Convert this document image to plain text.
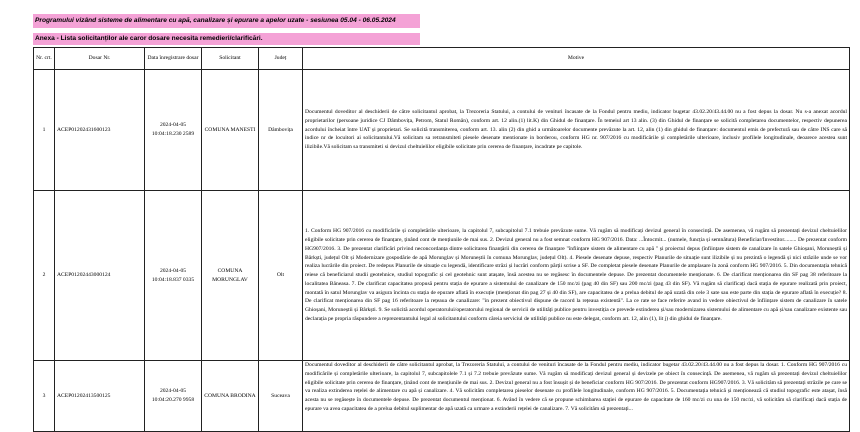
Programului vizând sisteme de alimentare cu apă, canalizare și epurare a apelor uzate - sesiunea 05.04 - 06.05.2024
Anexa - Lista solicitanților ale caror dosare necesita remedieri/clarificări.
Nr. crt.	Dosar Nr.	Data înregistrare dosar	Solicitant	Județ	Motive
1	ACEP01202431600123	2024-04-05 10:04:18.230 2589	COMUNA MANESTI	Dâmbovița	Documentul doveditor al deschiderii de către solicitantul aprobat, la Trezoreria Statului, a contului de venituri încasate de la Fondul pentru mediu, indicator bugetar 43.02.20/43.44.00 nu a fost depus la dosar. Nu s-a anexat acordul proprietarilor (persoane juridice CJ Dâmbovița, Petrom, Statul Român), conform art. 12 alin.(1) lit.K) din Ghidul de finanțare. În temeiul art 13 alin. (3) din Ghidul de finanțare se solicită completarea documentelor, respectiv depunerea acordului încheiat între UAT și proprietari. Se solicită transmiterea, conform art. 13. alin (2) din ghid a următoarelor documente prevăzute la art. 12, alin (1) din ghidul de finanțare: documentul emis de prefectură sau de către INS care să indice nr de locuitori ai solicitantului.Vă solicitam sa retransmiteti piesele desenate mentionate in borderou, conform HG nr. 907/2016 cu modificările și completările ulterioare, inclusiv profilele longitudinale, deoarece acestea sunt ilizibile.Vă solicitam sa transmiteti si devizul cheltuielilor eligibile solicitate prin cererea de finanțare, incadrate pe capitole.

2	ACEP01202443000124	2024-04-05 10:04:18.837 0335	COMUNA MORUNGLAV	Olt	1. Conform HG 907/2016 cu modificările și completările ulterioare, la capitolul 7, subcapitolul 7.1 trebuie prevăzute sume. Vă rugăm să modificați devizul general în consecință. De asemenea, vă rugăm să prezentați devizul cheltuielilor eligibile solicitate prin cererea de finanțare, ținând cont de mențiunile de mai sus. 2. Devizul general nu a fost semnat conform HG 907/2016. Data: ...Întocmit... (numele, funcția și semnătura) Beneficiar/Investitor......... De prezentat conform HG907/2016. 3. De prezentat clarificări privind neconcordanța dintre solicitarea finanțării din cererea de finanțare "înființare sistem de alimentare cu apă " și proiectul depus (înființare sistem de canalizare în satele Ghioșani, Moruneștii și Bârkști, județul Olt și Modernizare gospodărie de apă Morunglav și Moruneștii în comuna Morunglav, județul Olt). 4. Piesele desenate depuse, respectiv Planurile de situație sunt ilizibile și nu prezintă o legendă și nici străzile unde se vor realiza lucrările din proiect. De redepus Planurile de situație cu legendă, identificare străzi și lucrări conform părții scrise a SF. De completat piesele desenate Planurile de amplasare în zonă conform HG 907/2016. 5. Din documentația tehnică reiese că beneficiarul studii geotehnice, studiul topografic și cel geotehnic sunt atașate, însă acestea nu se regăsesc în documentele depuse. De prezentat documentele menționate. 6. De clarificat menționarea din SF pag 38 referitoare la localitatea Bâneasa. 7. De clarificat capacitatea propusă pentru stația de epurare a sistemului de canalizare de 150 mc/zi (pag 40 din SF) sau 200 mc/zi (pag 43 din SF). Vă rugăm să clarificați dacă stația de epurare realizată prin proiect, montată în satul Morunglav va asigura încinta cu stația de epurare aflată în execuție (menționat din pag 27 și 40 din SF), are capacitatea de a prelua debitul de apă uzată din cele 3 sate sau este parte din stația de epurare aflată în execuție? 8. De clarificat menționarea din SF pag 16 referitoare la rețeaua de canalizare: "in prezent obiectivul dispune de racord la rețeaua existentă". La ce rate se face referire avand in vedere obiectivul de înființare sistem de canalizare în satele Ghioșani, Moruneștii și Bârkști. 9. Se solicită acordul operatorului/operatorului regional de servicii de utilități publice pentru investiția ce prevede extinderea și/sau modernizarea sistemului de alimentare cu apă și/sau canalizare existente sau declarația pe propria răspundere a reprezentantului legal al solicitantului conform căreia serviciul de utilități publice nu este delegat, conform art. 12, alin (1), lit j) din ghidul de finanțare.

3	ACEP01202413500125	2024-04-05 10:04:20.270 9958	COMUNA BRODINA	Suceava	Documentul doveditor al deschiderii de către solicitantul aprobat, la Trezoreria Statului, a contului de venituri încasate de la Fondul pentru mediu, indicator bugetar 43.02.20/43.44.00 nu a fost depus la dosar. 1. Conform HG 907/2016 cu modificările și completările ulterioare, la capitolul 7, subcapitolele 7.1 și 7.2 trebuie prevăzute sume. Vă rugăm să modificați devizul general și devizele pe obiect în consecință. De asemenea, vă rugăm să prezentați devizul cheltuielilor eligibile solicitate prin cererea de finanțare, ținând cont de mențiunile de mai sus. 2. Devizul general nu a fost însușit și de beneficiar conform HG 907/2016. De prezentat conform HG907/2016. 3. Vă solicităm să prezentați străzile pe care se va realiza extinderea rețelei de alimentare cu apă și canalizare. 4. Vă solicităm completarea pieselor desenate cu profilele longitudinale, conform HG 907/2016. 5. Documentația tehnică și menționează că studiul topografic este atașat, însă acesta nu se regăsește în documentele depuse. De prezentat documentul menționat. 6. Având în vedere că se propune schimbarea stației de epurare de capacitate de 160 mc/zi cu una de 150 mc/zi, vă solicităm să clarificați dacă stația de epurare va avea capacitatea de a prelua debitul suplimentar de apă uzată ca urmare a extinderii rețelei de canalizare. 7. Vă solicităm să prezentați...
